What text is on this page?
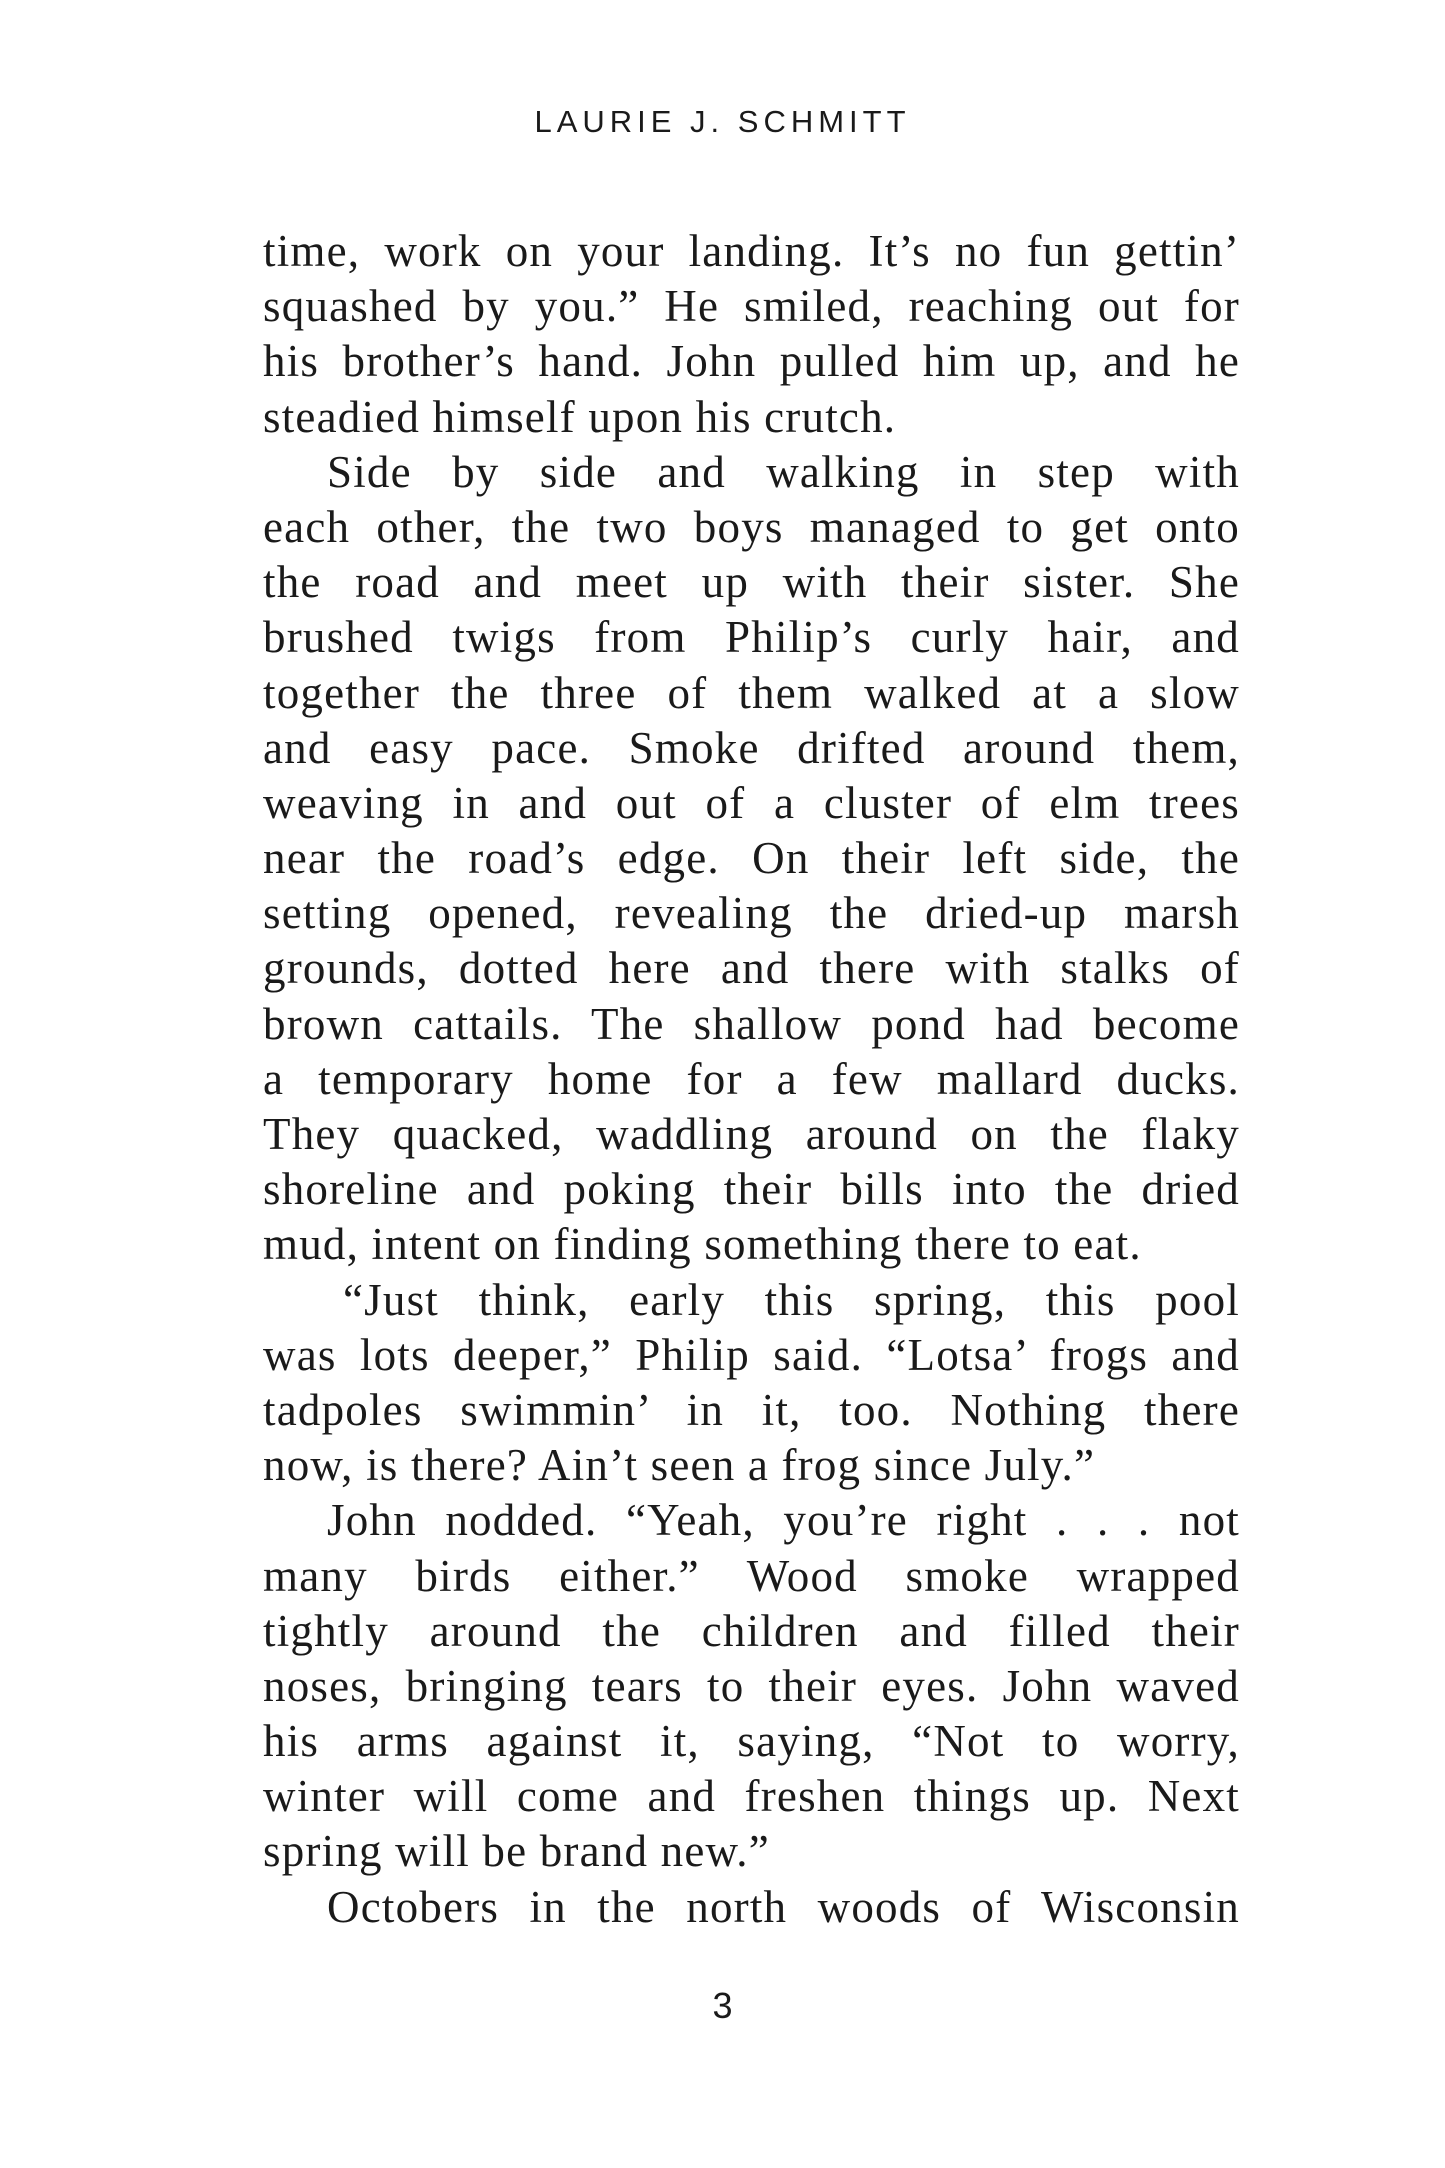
LAURIE J. SCHMITT
time, work on your landing. It’s no fun gettin’
squashed by you.” He smiled, reaching out for
his brother’s hand. John pulled him up, and he
steadied himself upon his crutch.
Side by side and walking in step with
each other, the two boys managed to get onto
the road and meet up with their sister. She
brushed twigs from Philip’s curly hair, and
together the three of them walked at a slow
and easy pace. Smoke drifted around them,
weaving in and out of a cluster of elm trees
near the road’s edge. On their left side, the
setting opened, revealing the dried-up marsh
grounds, dotted here and there with stalks of
brown cattails. The shallow pond had become
a temporary home for a few mallard ducks.
They quacked, waddling around on the flaky
shoreline and poking their bills into the dried
mud, intent on finding something there to eat.
“Just think, early this spring, this pool
was lots deeper,” Philip said. “Lotsa’ frogs and
tadpoles swimmin’ in it, too. Nothing there
now, is there? Ain’t seen a frog since July.”
John nodded. “Yeah, you’re right . . . not
many birds either.” Wood smoke wrapped
tightly around the children and filled their
noses, bringing tears to their eyes. John waved
his arms against it, saying, “Not to worry,
winter will come and freshen things up. Next
spring will be brand new.”
Octobers in the north woods of Wisconsin
3
